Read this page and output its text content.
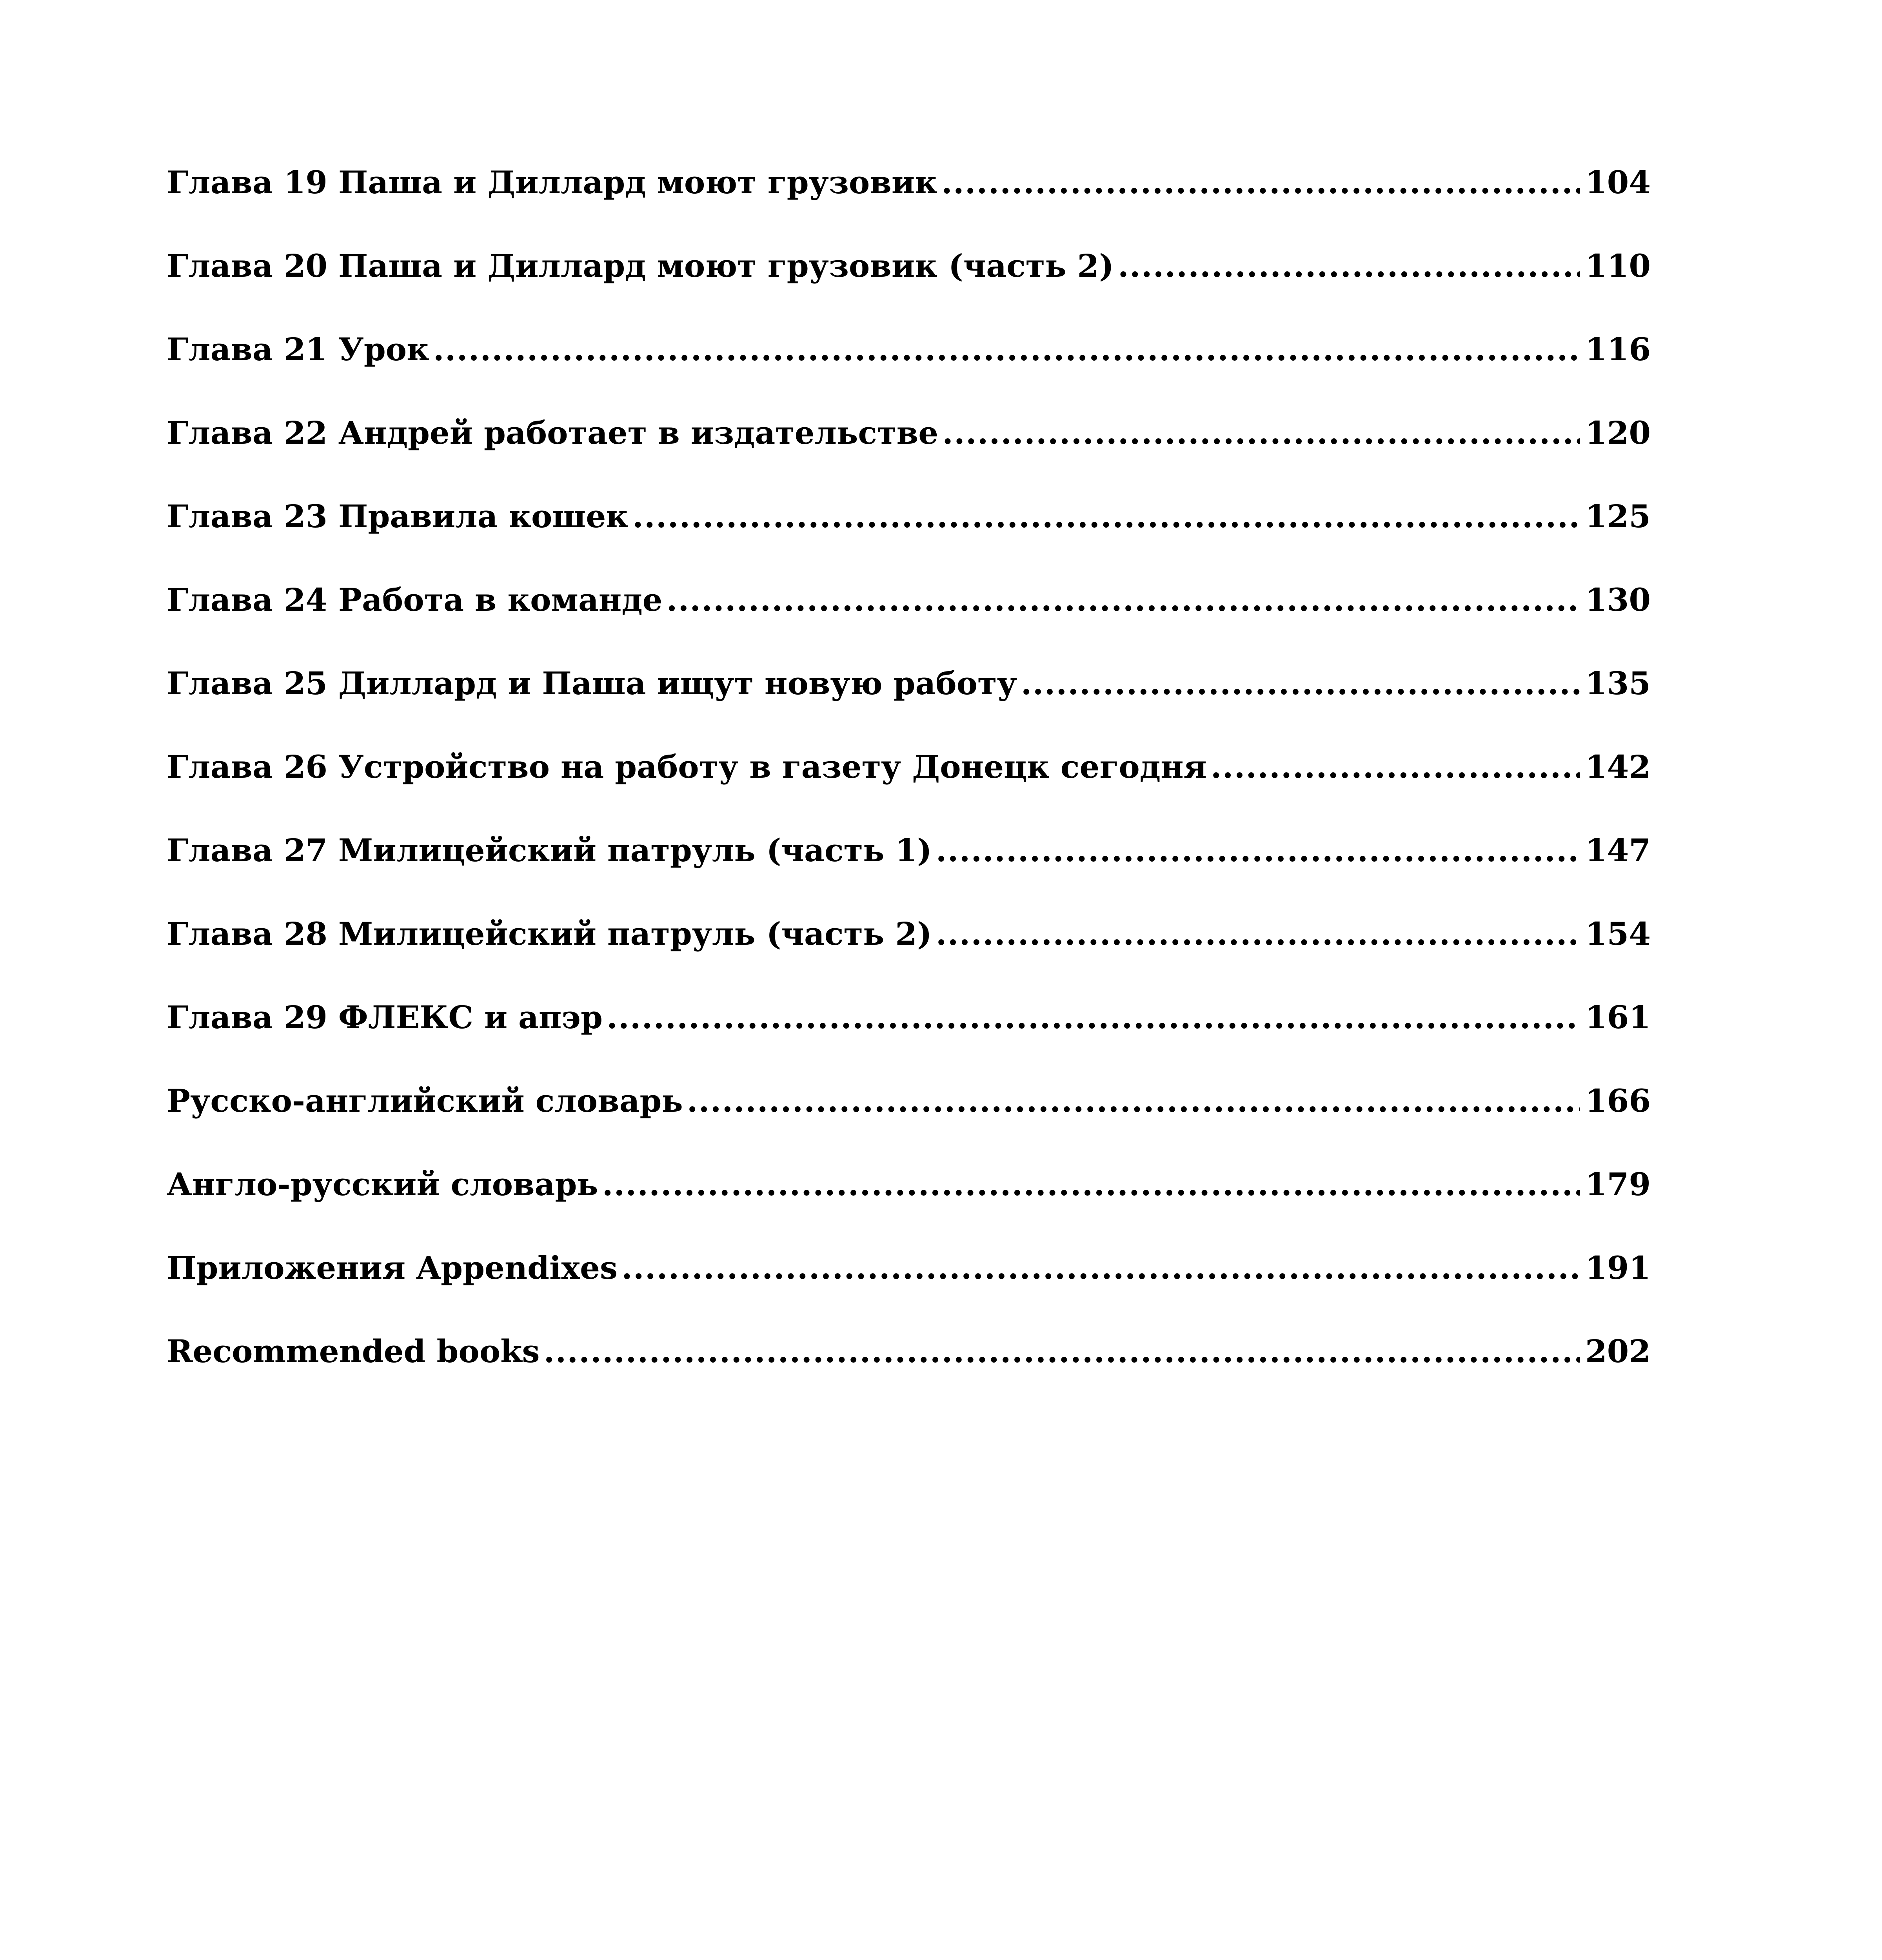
Глава 19 Паша и Диллард моют грузовик .....	104
Глава 20 Паша и Диллард моют грузовик (часть 2) .....	110
Глава 21 Урок .....	116
Глава 22 Андрей работает в издательстве .....	120
Глава 23 Правила кошек .....	125
Глава 24 Работа в команде .....	130
Глава 25 Диллард и Паша ищут новую работу .....	135
Глава 26 Устройство на работу в газету Донецк сегодня .....	142
Глава 27 Милицейский патруль (часть 1) .....	147
Глава 28 Милицейский патруль (часть 2) .....	154
Глава 29 ФЛЕКС и апэр .....	161
Русско-английский словарь .....	166
Англо-русский словарь .....	179
Приложения Appendixes .....	191
Recommended books .....	202
